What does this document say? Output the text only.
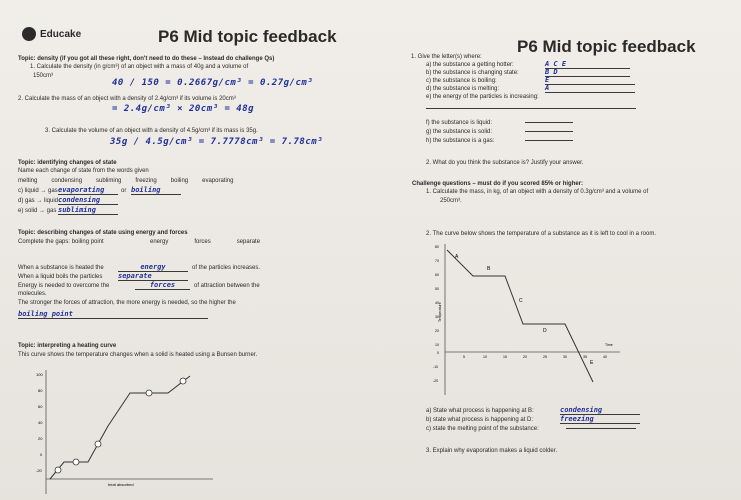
Educake	P6 Mid topic feedback
P6 Mid topic feedback
Topic: density (if you got all these right, don't need to do these – Instead do challenge Qs)
1. Calculate the density (in g/cm³) of an object with a mass of 40g and a volume of
150cm³
40 / 150 = 0.2667g/cm³ = 0.27g/cm³
2. Calculate the mass of an object with a density of 2.4g/cm³ if its volume is 20cm³
= 2.4g/cm³ × 20cm³ = 48g
3. Calculate the volume of an object with a density of 4.5g/cm³ if its mass is 35g.
35g / 4.5g/cm³ = 7.7778cm³ = 7.78cm³
Topic: identifying changes of state
Name each change of state from the words given
melting condensing subliming freezing boiling evaporating
c) liquid → gas evaporating	or boiling
d) gas → liquid condensing
e) solid → gas subliming
Topic: describing changes of state using energy and forces
Complete the gaps: boiling point	energy	forces	separate
When a substance is heated the	energy	of the particles increases.
When a liquid boils the particles separate
Energy is needed to overcome the	forces	of attraction between the
molecules.
The stronger the forces of attraction, the more energy is needed, so the higher the
boiling point
Topic: interpreting a heating curve
This curve shows the temperature changes when a solid is heated using a Bunsen burner.
100
80
60
40
20
0
-20
heat absorbed
1. Give the letter(s) where:
a) the substance a getting hotter:	A C E
b) the substance is changing state:	B D
c) the substance is boiling:	E
d) the substance is melting:	A
e) the energy of the particles is increasing:
f) the substance is liquid:
g) the substance is solid:
h) the substance is a gas:
2. What do you think the substance is? Justify your answer.
Challenge questions – must do if you scored 85% or higher:
1. Calculate the mass, in kg, of an object with a density of 0.3g/cm³ and a volume of
250cm³.
2. The curve below shows the temperature of a substance as it is left to cool in a room.
80
70
60
50
40
30
20
10
0
-10
-20
Temperature
Time
5	10	15	20	25	30	35	40
A
B
C
D
E
a) State what process is happening at B:	condensing
b) state what process is happening at D:	freezing
c) state the melting point of the substance:
3. Explain why evaporation makes a liquid colder.
